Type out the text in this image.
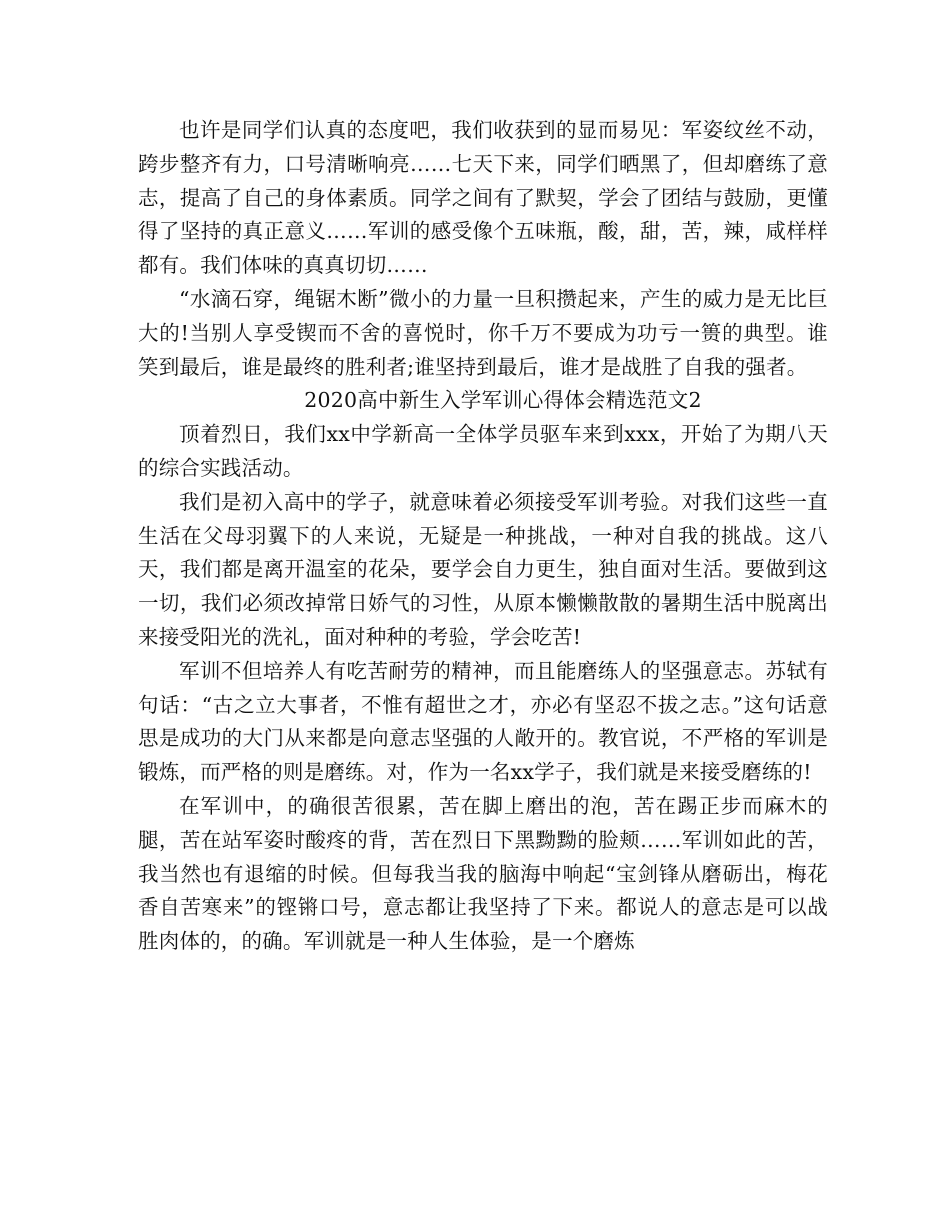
也许是同学们认真的态度吧，我们收获到的显而易见：军姿纹丝不动，跨步整齐有力，口号清晰响亮……七天下来，同学们晒黑了，但却磨练了意志，提高了自己的身体素质。同学之间有了默契，学会了团结与鼓励，更懂得了坚持的真正意义……军训的感受像个五味瓶，酸，甜，苦，辣，咸样样都有。我们体味的真真切切……

“水滴石穿，绳锯木断”微小的力量一旦积攒起来，产生的威力是无比巨大的!当别人享受锲而不舍的喜悦时，你千万不要成为功亏一篑的典型。谁笑到最后，谁是最终的胜利者;谁坚持到最后，谁才是战胜了自我的强者。

2020高中新生入学军训心得体会精选范文2

顶着烈日，我们xx中学新高一全体学员驱车来到xxx，开始了为期八天的综合实践活动。

我们是初入高中的学子，就意味着必须接受军训考验。对我们这些一直生活在父母羽翼下的人来说，无疑是一种挑战，一种对自我的挑战。这八天，我们都是离开温室的花朵，要学会自力更生，独自面对生活。要做到这一切，我们必须改掉常日娇气的习性，从原本懒懒散散的暑期生活中脱离出来接受阳光的洗礼，面对种种的考验，学会吃苦!

军训不但培养人有吃苦耐劳的精神，而且能磨练人的坚强意志。苏轼有句话：“古之立大事者，不惟有超世之才，亦必有坚忍不拔之志。”这句话意思是成功的大门从来都是向意志坚强的人敞开的。教官说，不严格的军训是锻炼，而严格的则是磨练。对，作为一名xx学子，我们就是来接受磨练的!

在军训中，的确很苦很累，苦在脚上磨出的泡，苦在踢正步而麻木的腿，苦在站军姿时酸疼的背，苦在烈日下黑黝黝的脸颊……军训如此的苦，我当然也有退缩的时候。但每我当我的脑海中响起“宝剑锋从磨砺出，梅花香自苦寒来”的铿锵口号，意志都让我坚持了下来。都说人的意志是可以战胜肉体的，的确。军训就是一种人生体验，是一个磨炼
